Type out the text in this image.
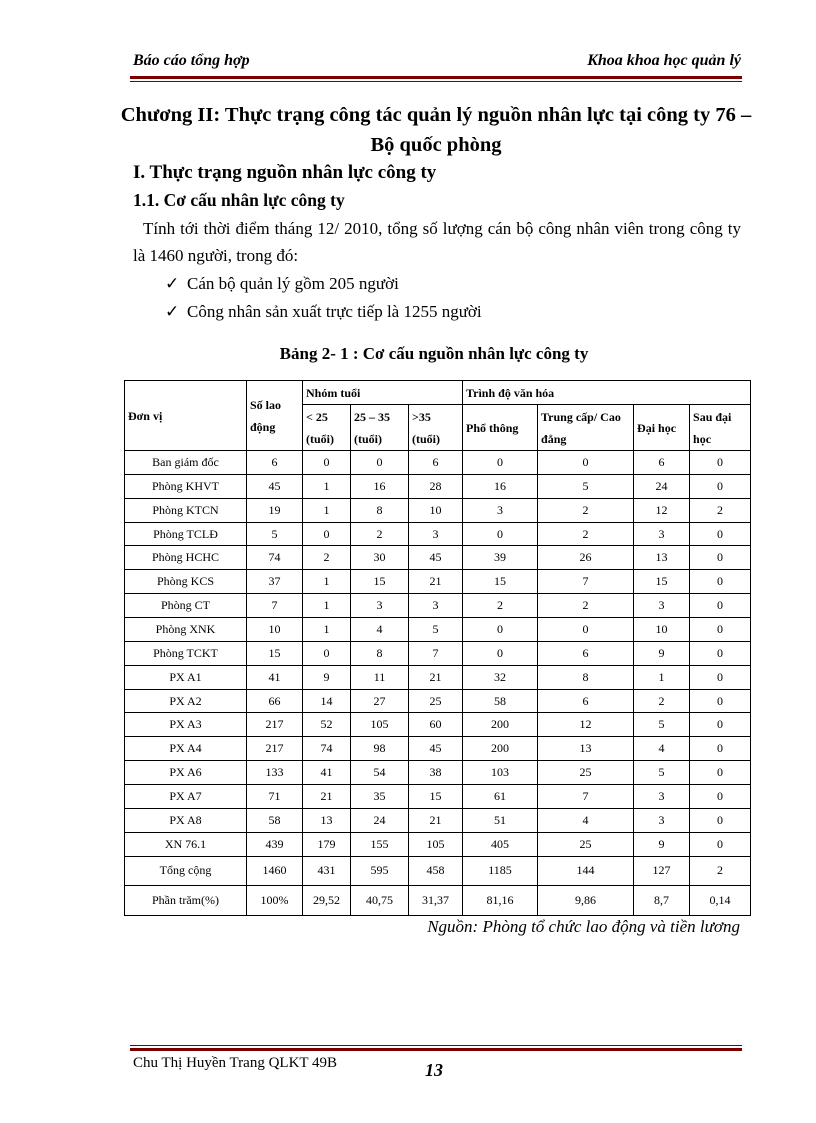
Báo cáo tổng hợp	Khoa khoa học quản lý
Chương II: Thực trạng công tác quản lý nguồn nhân lực tại công ty 76 – Bộ quốc phòng
I. Thực trạng nguồn nhân lực công ty
1.1. Cơ cấu nhân lực công ty
Tính tới thời điểm tháng 12/ 2010, tổng số lượng cán bộ công nhân viên trong công ty là 1460 người, trong đó:
✓ Cán bộ quản lý gồm 205 người
✓ Công nhân sản xuất trực tiếp là 1255 người
Bảng 2- 1 : Cơ cấu nguồn nhân lực công ty
Đơn vị	Số lao động	Nhóm tuổi			Trình độ văn hóa			
		< 25 (tuổi)	25 – 35 (tuổi)	>35 (tuổi)	Phổ thông	Trung cấp/ Cao đẳng	Đại học	Sau đại học
Ban giám đốc	6	0	0	6	0	0	6	0
Phòng KHVT	45	1	16	28	16	5	24	0
Phòng KTCN	19	1	8	10	3	2	12	2
Phòng TCLĐ	5	0	2	3	0	2	3	0
Phòng HCHC	74	2	30	45	39	26	13	0
Phòng KCS	37	1	15	21	15	7	15	0
Phòng CT	7	1	3	3	2	2	3	0
Phòng XNK	10	1	4	5	0	0	10	0
Phòng TCKT	15	0	8	7	0	6	9	0
PX A1	41	9	11	21	32	8	1	0
PX A2	66	14	27	25	58	6	2	0
PX A3	217	52	105	60	200	12	5	0
PX A4	217	74	98	45	200	13	4	0
PX A6	133	41	54	38	103	25	5	0
PX A7	71	21	35	15	61	7	3	0
PX A8	58	13	24	21	51	4	3	0
XN 76.1	439	179	155	105	405	25	9	0
Tổng cộng	1460	431	595	458	1185	144	127	2
Phần trăm(%)	100%	29,52	40,75	31,37	81,16	9,86	8,7	0,14
Nguồn: Phòng tổ chức lao động và tiền lương
Chu Thị Huyền Trang QLKT 49B	13
